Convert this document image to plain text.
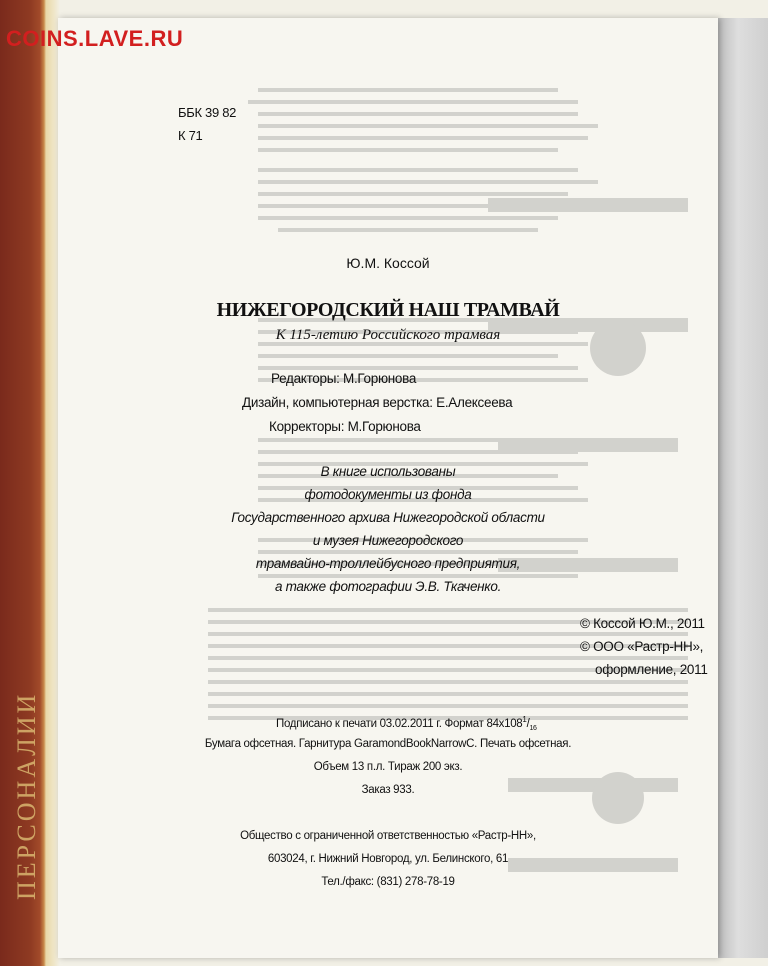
ПЕРСОНАЛИИ
ББК 39 82
К 71
Ю.М. Коссой
НИЖЕГОРОДСКИЙ НАШ ТРАМВАЙ
К 115-летию Российского трамвая
Редакторы: М.Горюнова
Дизайн, компьютерная верстка: Е.Алексеева
Корректоры: М.Горюнова
В книге использованы
фотодокументы из фонда
Государственного архива Нижегородской области
и музея Нижегородского
трамвайно-троллейбусного предприятия,
а также фотографии Э.В. Ткаченко.
© Коссой Ю.М., 2011
© ООО «Растр-НН»,
оформление, 2011
Подписано к печати 03.02.2011 г. Формат $84x108^1/_{16}$
Бумага офсетная. Гарнитура GaramondBookNarrowC. Печать офсетная.
Объем 13 п.л. Тираж 200 экз.
Заказ 933.
Общество с ограниченной ответственностью «Растр-НН»,
603024, г. Нижний Новгород, ул. Белинского, 61
Тел./факс: (831) 278-78-19
COINS.LAVE.RU
